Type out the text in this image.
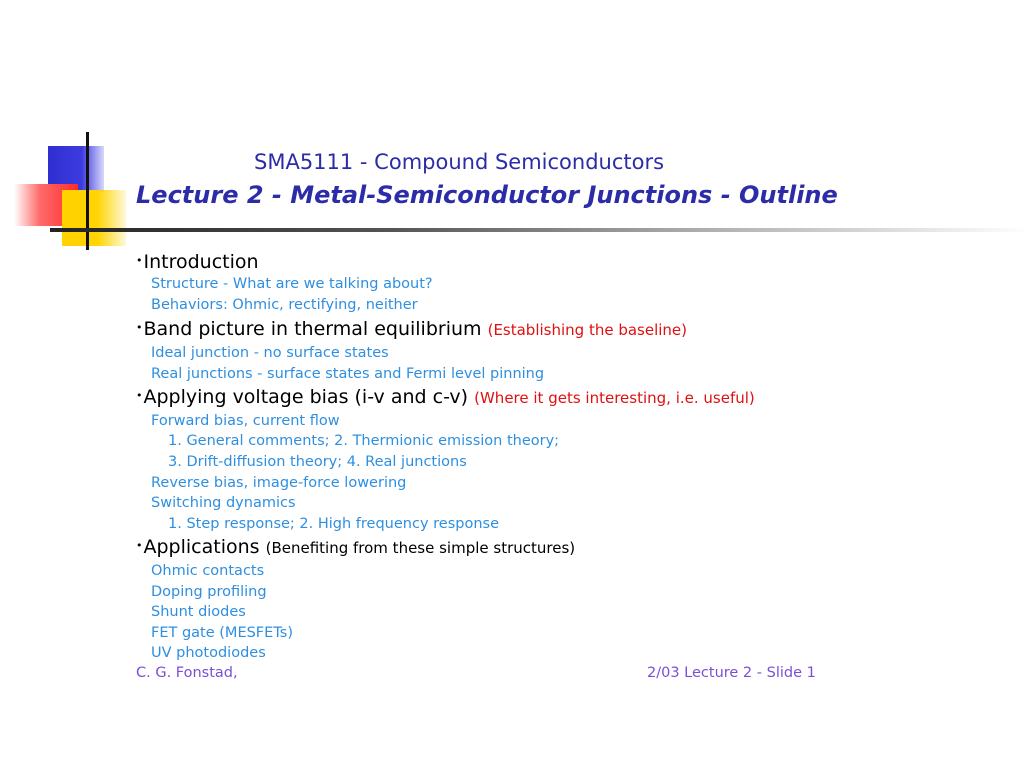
SMA5111 - Compound Semiconductors
Lecture 2 - Metal-Semiconductor Junctions - Outline
•Introduction
Structure - What are we talking about?
Behaviors: Ohmic, rectifying, neither
•Band picture in thermal equilibrium (Establishing the baseline)
Ideal junction - no surface states
Real junctions - surface states and Fermi level pinning
•Applying voltage bias (i-v and c-v) (Where it gets interesting, i.e. useful)
Forward bias, current flow
1. General comments; 2. Thermionic emission theory;
3. Drift-diffusion theory; 4. Real junctions
Reverse bias, image-force lowering
Switching dynamics
1. Step response; 2. High frequency response
•Applications (Benefiting from these simple structures)
Ohmic contacts
Doping profiling
Shunt diodes
FET gate (MESFETs)
UV photodiodes
C. G. Fonstad,	2/03 Lecture 2 - Slide 1
